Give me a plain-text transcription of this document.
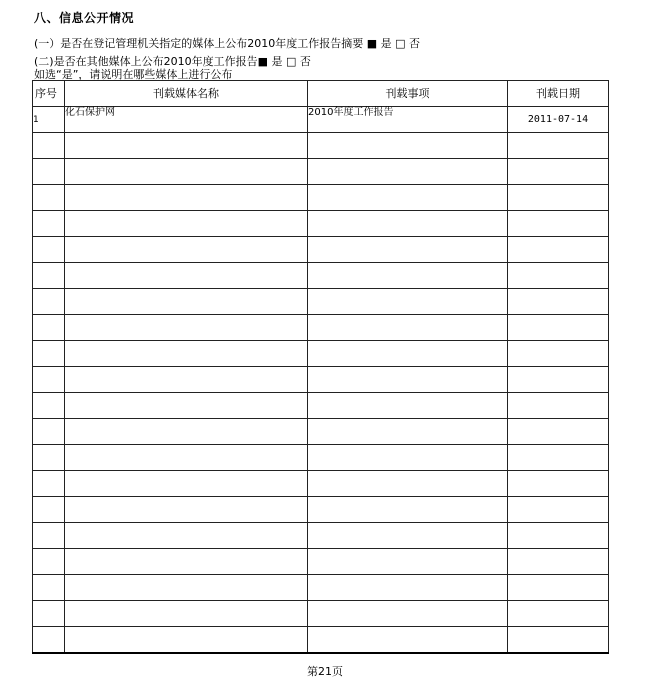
八、信息公开情况
(一）是否在登记管理机关指定的媒体上公布2010年度工作报告摘要 ■ 是 □ 否
(二)是否在其他媒体上公布2010年度工作报告■ 是 □ 否
如选“是”，请说明在哪些媒体上进行公布
序号	刊载媒体名称	刊载事项	刊载日期
1	化石保护网	2010年度工作报告	2011-07-14

第21页
